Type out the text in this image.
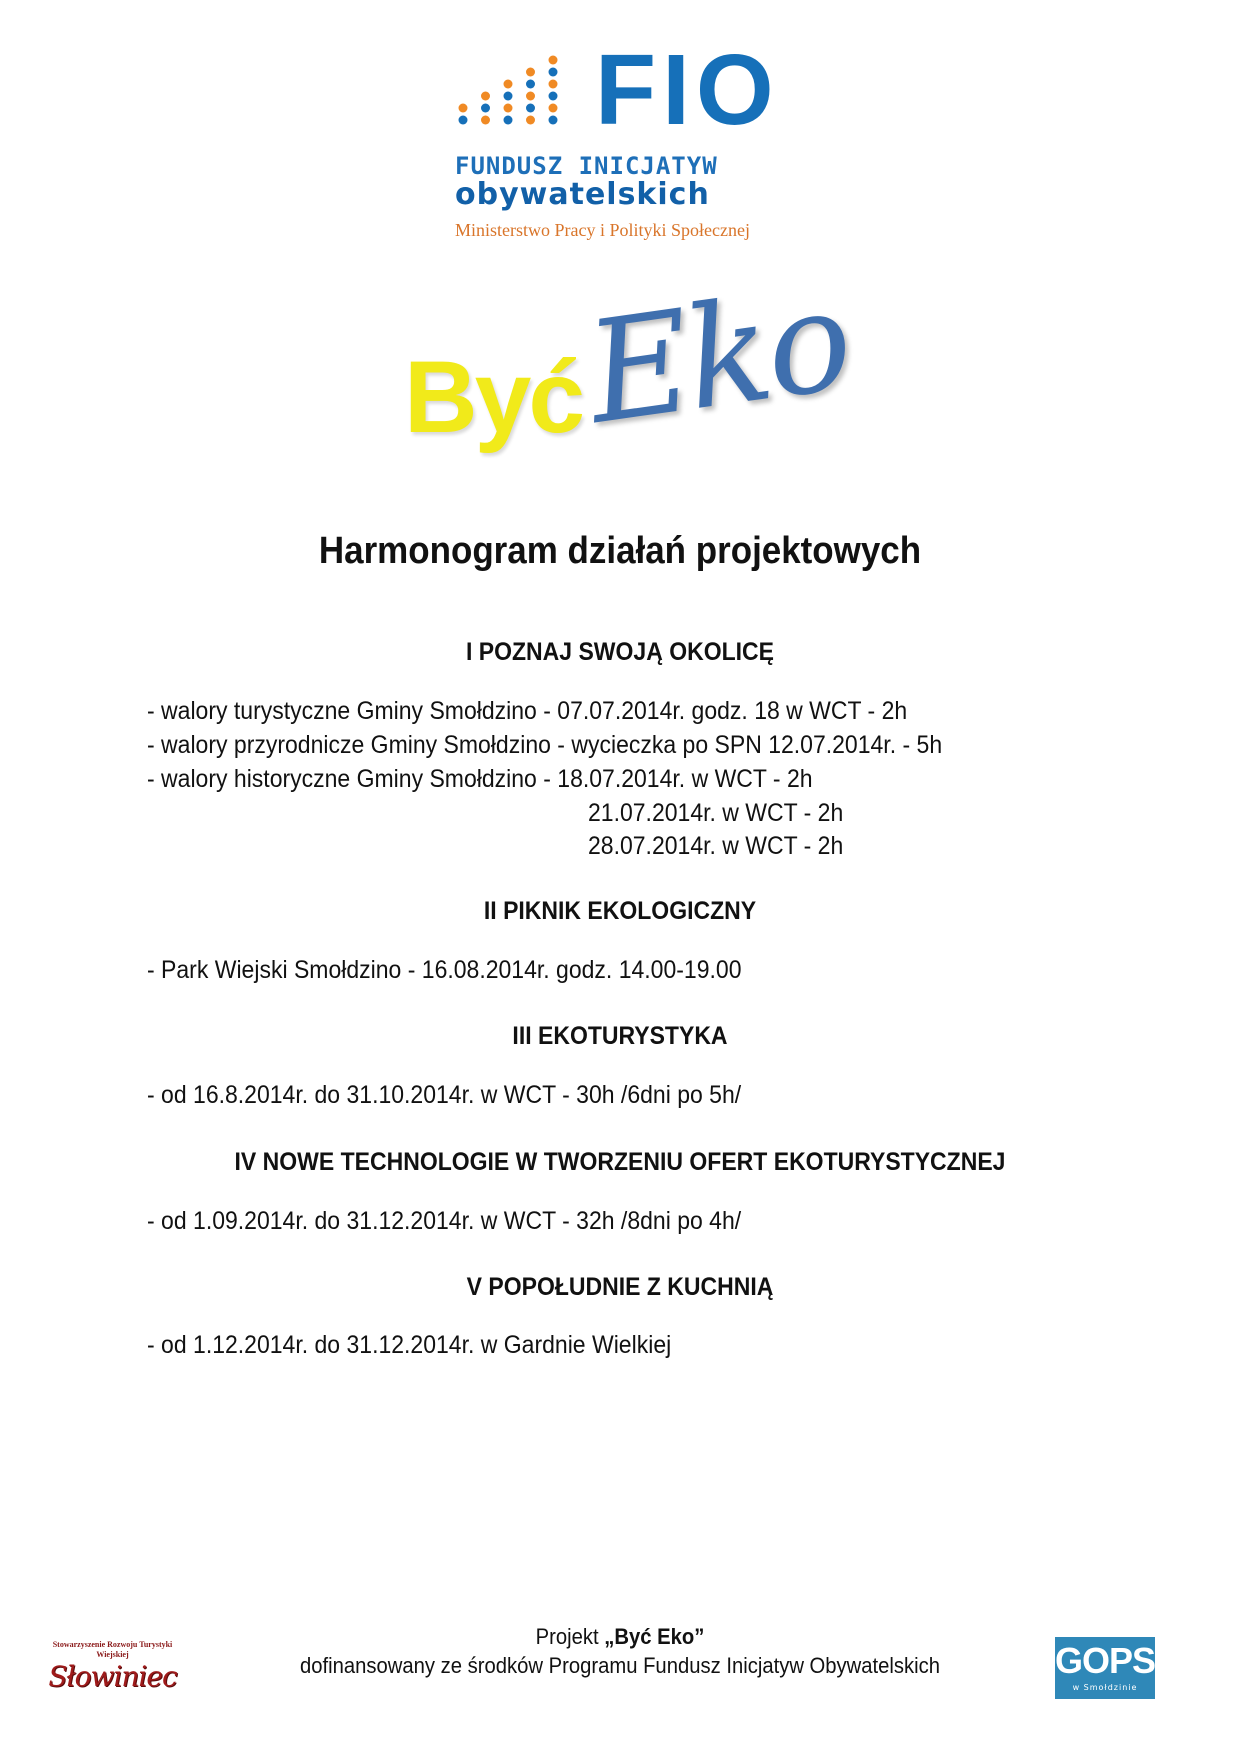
FIO
FUNDUSZ INICJATYW
obywatelskich
Ministerstwo Pracy i Polityki Społecznej
Być
Eko
Harmonogram działań projektowych
I POZNAJ SWOJĄ OKOLICĘ
- walory turystyczne Gminy Smołdzino - 07.07.2014r. godz. 18 w WCT - 2h
- walory przyrodnicze Gminy Smołdzino - wycieczka po SPN 12.07.2014r. - 5h
- walory historyczne Gminy Smołdzino - 18.07.2014r. w WCT - 2h
21.07.2014r. w WCT - 2h
28.07.2014r. w WCT - 2h
II PIKNIK EKOLOGICZNY
- Park Wiejski Smołdzino - 16.08.2014r. godz. 14.00-19.00
III EKOTURYSTYKA
- od 16.8.2014r. do 31.10.2014r. w WCT - 30h /6dni po 5h/
IV NOWE TECHNOLOGIE W TWORZENIU OFERT EKOTURYSTYCZNEJ
- od 1.09.2014r. do 31.12.2014r. w WCT - 32h /8dni po 4h/
V POPOŁUDNIE Z KUCHNIĄ
- od 1.12.2014r. do 31.12.2014r. w Gardnie Wielkiej
Projekt „Być Eko”
dofinansowany ze środków Programu Fundusz Inicjatyw Obywatelskich
Stowarzyszenie Rozwoju Turystyki Wiejskiej
Słowiniec	GOPS
w Smołdzinie
